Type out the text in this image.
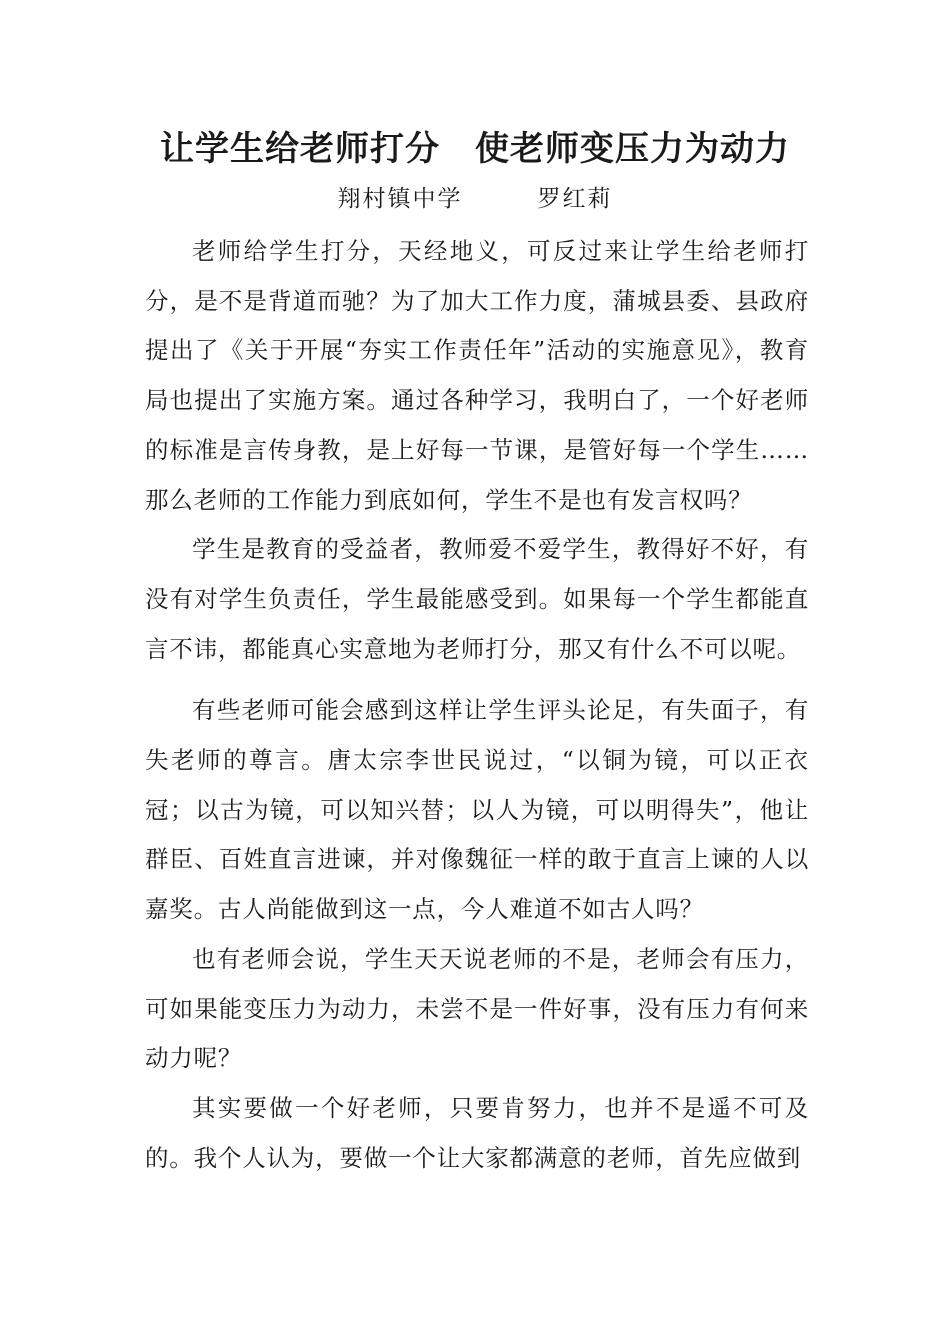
让学生给老师打分　使老师变压力为动力
翔村镇中学　　　罗红莉

老师给学生打分，天经地义，可反过来让学生给老师打分，是不是背道而驰？为了加大工作力度，蒲城县委、县政府提出了《关于开展“夯实工作责任年”活动的实施意见》，教育局也提出了实施方案。通过各种学习，我明白了，一个好老师的标准是言传身教，是上好每一节课，是管好每一个学生……那么老师的工作能力到底如何，学生不是也有发言权吗？

学生是教育的受益者，教师爱不爱学生，教得好不好，有没有对学生负责任，学生最能感受到。如果每一个学生都能直言不讳，都能真心实意地为老师打分，那又有什么不可以呢。

有些老师可能会感到这样让学生评头论足，有失面子，有失老师的尊言。唐太宗李世民说过，“以铜为镜，可以正衣冠；以古为镜，可以知兴替；以人为镜，可以明得失”，他让群臣、百姓直言进谏，并对像魏征一样的敢于直言上谏的人以嘉奖。古人尚能做到这一点，今人难道不如古人吗？

也有老师会说，学生天天说老师的不是，老师会有压力，可如果能变压力为动力，未尝不是一件好事，没有压力有何来动力呢？

其实要做一个好老师，只要肯努力，也并不是遥不可及的。我个人认为，要做一个让大家都满意的老师，首先应做到
